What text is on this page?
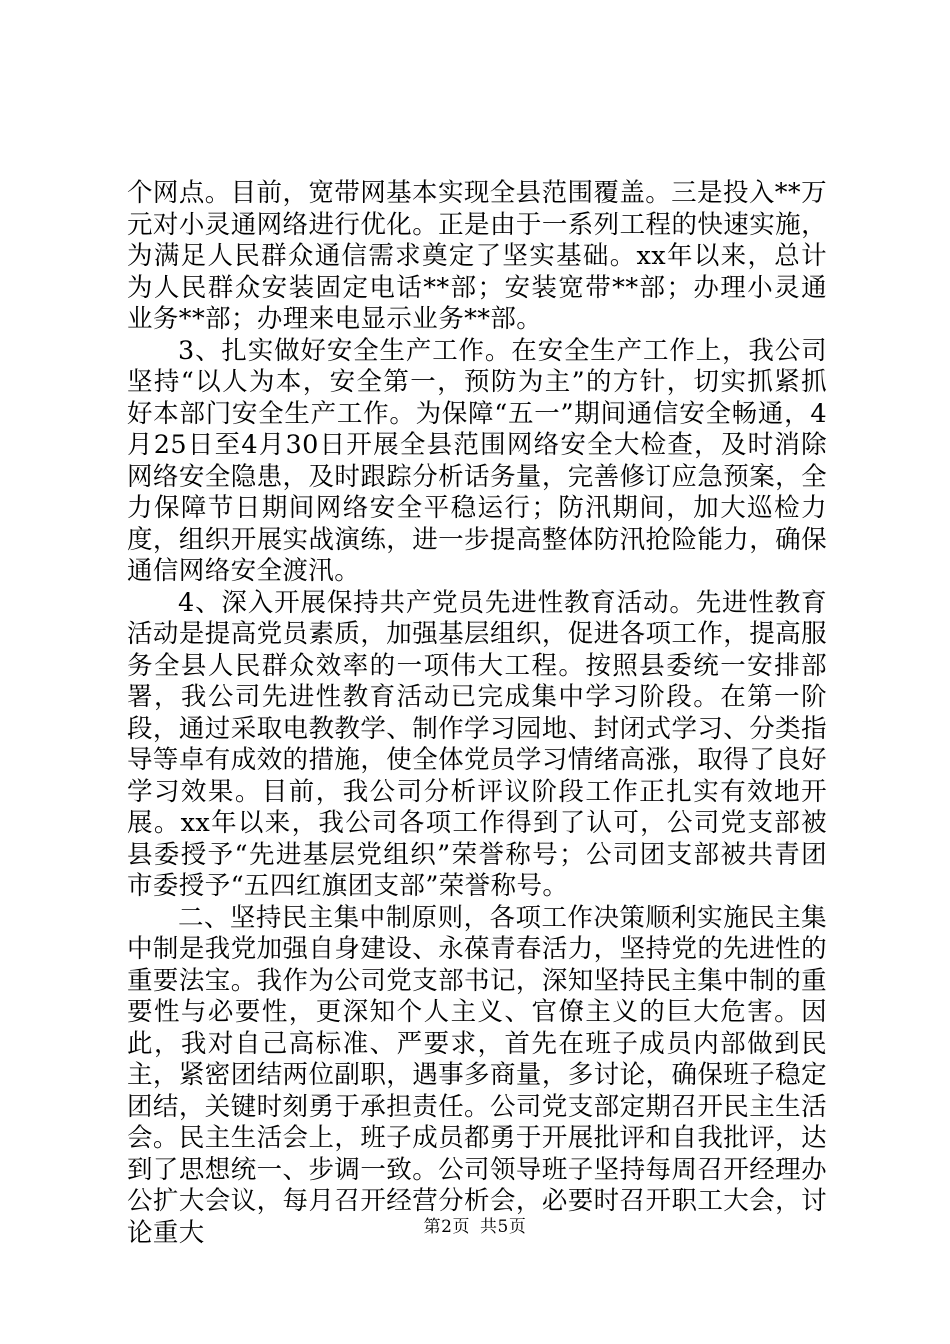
个网点。目前，宽带网基本实现全县范围覆盖。三是投入**万元对小灵通网络进行优化。正是由于一系列工程的快速实施，为满足人民群众通信需求奠定了坚实基础。xx年以来，总计为人民群众安装固定电话**部；安装宽带**部；办理小灵通业务**部；办理来电显示业务**部。

3、扎实做好安全生产工作。在安全生产工作上，我公司坚持“以人为本，安全第一，预防为主”的方针，切实抓紧抓好本部门安全生产工作。为保障“五一”期间通信安全畅通，4月25日至4月30日开展全县范围网络安全大检查，及时消除网络安全隐患，及时跟踪分析话务量，完善修订应急预案，全力保障节日期间网络安全平稳运行；防汛期间，加大巡检力度，组织开展实战演练，进一步提高整体防汛抢险能力，确保通信网络安全渡汛。

4、深入开展保持共产党员先进性教育活动。先进性教育活动是提高党员素质，加强基层组织，促进各项工作，提高服务全县人民群众效率的一项伟大工程。按照县委统一安排部署，我公司先进性教育活动已完成集中学习阶段。在第一阶段，通过采取电教教学、制作学习园地、封闭式学习、分类指导等卓有成效的措施，使全体党员学习情绪高涨，取得了良好学习效果。目前，我公司分析评议阶段工作正扎实有效地开展。xx年以来，我公司各项工作得到了认可，公司党支部被县委授予“先进基层党组织”荣誉称号；公司团支部被共青团市委授予“五四红旗团支部”荣誉称号。

二、坚持民主集中制原则，各项工作决策顺利实施民主集中制是我党加强自身建设、永葆青春活力，坚持党的先进性的重要法宝。我作为公司党支部书记，深知坚持民主集中制的重要性与必要性，更深知个人主义、官僚主义的巨大危害。因此，我对自己高标准、严要求，首先在班子成员内部做到民主，紧密团结两位副职，遇事多商量，多讨论，确保班子稳定团结，关键时刻勇于承担责任。公司党支部定期召开民主生活会。民主生活会上，班子成员都勇于开展批评和自我批评，达到了思想统一、步调一致。公司领导班子坚持每周召开经理办公扩大会议，每月召开经营分析会，必要时召开职工大会，讨论重大	第2页 共5页
